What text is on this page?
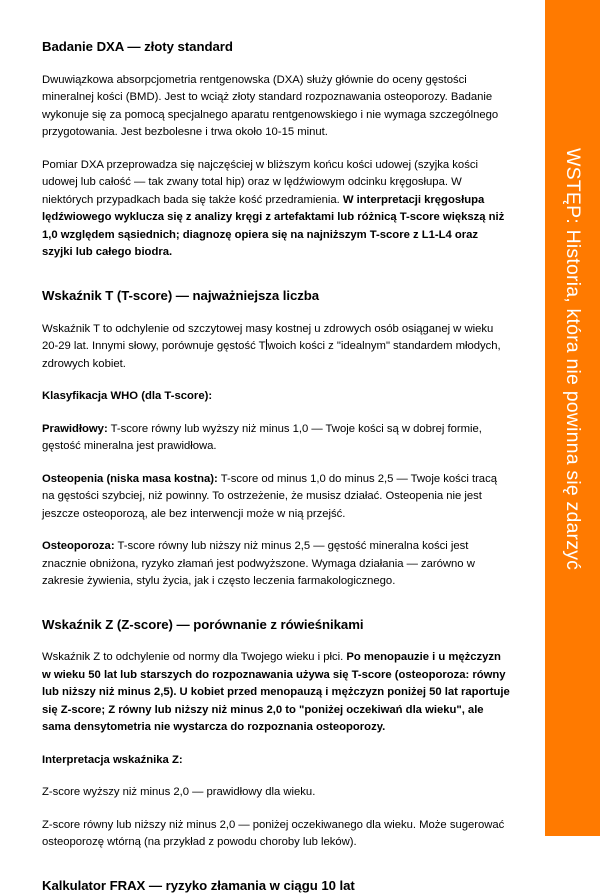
Badanie DXA — złoty standard

Dwuwiązkowa absorpcjometria rentgenowska (DXA) służy głównie do oceny gęstości mineralnej kości (BMD). Jest to wciąż złoty standard rozpoznawania osteoporozy. Badanie wykonuje się za pomocą specjalnego aparatu rentgenowskiego i nie wymaga szczególnego przygotowania. Jest bezbolesne i trwa około 10-15 minut.

Pomiar DXA przeprowadza się najczęściej w bliższym końcu kości udowej (szyjka kości udowej lub całość — tak zwany total hip) oraz w lędźwiowym odcinku kręgosłupa. W niektórych przypadkach bada się także kość przedramienia. W interpretacji kręgosłupa lędźwiowego wyklucza się z analizy kręgi z artefaktami lub różnicą T-score większą niż 1,0 względem sąsiednich; diagnozę opiera się na najniższym T-score z L1-L4 oraz szyjki lub całego biodra.

Wskaźnik T (T-score) — najważniejsza liczba

Wskaźnik T to odchylenie od szczytowej masy kostnej u zdrowych osób osiąganej w wieku 20-29 lat. Innymi słowy, porównuje gęstość T woich kości z "idealnym" standardem młodych, zdrowych kobiet.

Klasyfikacja WHO (dla T-score):

Prawidłowy: T-score równy lub wyższy niż minus 1,0 — Twoje kości są w dobrej formie, gęstość mineralna jest prawidłowa.

Osteopenia (niska masa kostna): T-score od minus 1,0 do minus 2,5 — Twoje kości tracą na gęstości szybciej, niż powinny. To ostrzeżenie, że musisz działać. Osteopenia nie jest jeszcze osteoporozą, ale bez interwencji może w nią przejść.

Osteoporoza: T-score równy lub niższy niż minus 2,5 — gęstość mineralna kości jest znacznie obniżona, ryzyko złamań jest podwyższone. Wymaga działania — zarówno w zakresie żywienia, stylu życia, jak i często leczenia farmakologicznego.

Wskaźnik Z (Z-score) — porównanie z rówieśnikami

Wskaźnik Z to odchylenie od normy dla Twojego wieku i płci. Po menopauzie i u mężczyzn w wieku 50 lat lub starszych do rozpoznawania używa się T-score (osteoporoza: równy lub niższy niż minus 2,5). U kobiet przed menopauzą i mężczyzn poniżej 50 lat raportuje się Z-score; Z równy lub niższy niż minus 2,0 to "poniżej oczekiwań dla wieku", ale sama densytometria nie wystarcza do rozpoznania osteoporozy.

Interpretacja wskaźnika Z:

Z-score wyższy niż minus 2,0 — prawidłowy dla wieku.

Z-score równy lub niższy niż minus 2,0 — poniżej oczekiwanego dla wieku. Może sugerować osteoporozę wtórną (na przykład z powodu choroby lub leków).

Kalkulator FRAX — ryzyko złamania w ciągu 10 lat
WSTĘP: Historia, która nie powinna się zdarzyć
